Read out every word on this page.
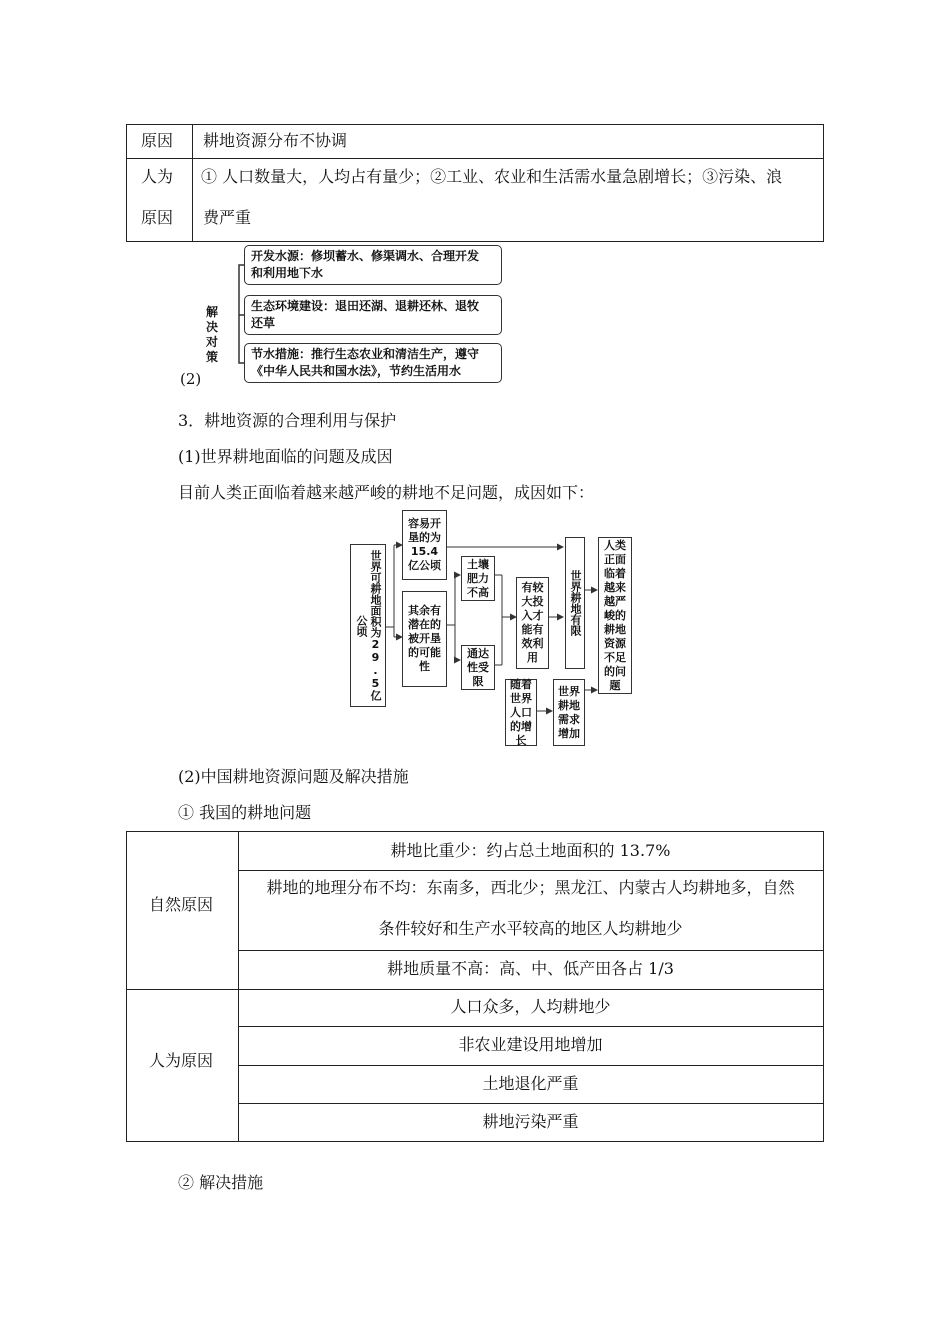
原因 耕地资源分布不协调
人为
原因
① 人口数量大，人均占有量少；②工业、农业和生活需水量急剧增长；③污染、浪
费严重
解决
对策
开发水源：修坝蓄水、修渠调水、合理开发
和利用地下水
生态环境建设：退田还湖、退耕还林、退牧
还草
节水措施：推行生态农业和清洁生产，遵守
《中华人民共和国水法》，节约生活用水
(2)
3．耕地资源的合理利用与保护
(1)世界耕地面临的问题及成因
目前人类正面临着越来越严峻的耕地不足问题，成因如下：
世界可耕地面积为29.5亿公顷
容易开垦的为15.4亿公顷
其余有潜在的被开垦的可能性
土壤肥力不高
通达性受限
有较大投入才能有效利用
世界耕地有限
随着世界人口的增长
世界耕地需求增加
人类正面临着越来越严峻的耕地资源不足的问题
(2)中国耕地资源问题及解决措施
① 我国的耕地问题
自然原因
人为原因
耕地比重少：约占总土地面积的 13.7%
耕地的地理分布不均：东南多，西北少；黑龙江、内蒙古人均耕地多，自然
条件较好和生产水平较高的地区人均耕地少
耕地质量不高：高、中、低产田各占 1/3
人口众多，人均耕地少
非农业建设用地增加
土地退化严重
耕地污染严重
② 解决措施
